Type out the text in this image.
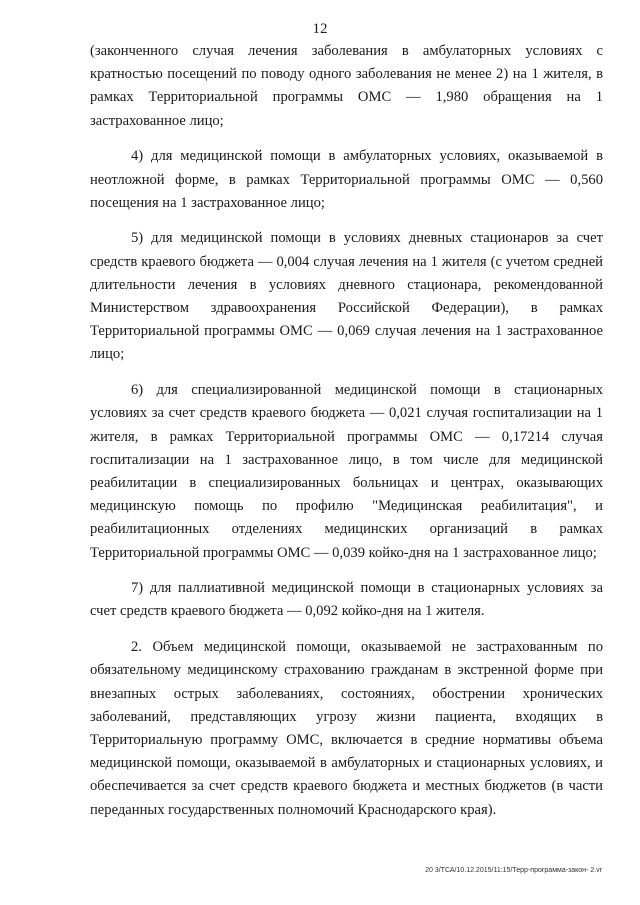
12

(законченного случая лечения заболевания в амбулаторных условиях с кратностью посещений по поводу одного заболевания не менее 2) на 1 жителя, в рамках Территориальной программы ОМС — 1,980 обращения на 1 застрахованное лицо;

4) для медицинской помощи в амбулаторных условиях, оказываемой в неотложной форме, в рамках Территориальной программы ОМС — 0,560 посещения на 1 застрахованное лицо;

5) для медицинской помощи в условиях дневных стационаров за счет средств краевого бюджета — 0,004 случая лечения на 1 жителя (с учетом средней длительности лечения в условиях дневного стационара, рекомендованной Министерством здравоохранения Российской Федерации), в рамках Территориальной программы ОМС — 0,069 случая лечения на 1 застрахованное лицо;

6) для специализированной медицинской помощи в стационарных условиях за счет средств краевого бюджета — 0,021 случая госпитализации на 1 жителя, в рамках Территориальной программы ОМС — 0,17214 случая госпитализации на 1 застрахованное лицо, в том числе для медицинской реабилитации в специализированных больницах и центрах, оказывающих медицинскую помощь по профилю "Медицинская реабилитация", и реабилитационных отделениях медицинских организаций в рамках Территориальной программы ОМС — 0,039 койко-дня на 1 застрахованное лицо;

7) для паллиативной медицинской помощи в стационарных условиях за счет средств краевого бюджета — 0,092 койко-дня на 1 жителя.

2. Объем медицинской помощи, оказываемой не застрахованным по обязательному медицинскому страхованию гражданам в экстренной форме при внезапных острых заболеваниях, состояниях, обострении хронических заболеваний, представляющих угрозу жизни пациента, входящих в Территориальную программу ОМС, включается в средние нормативы объема медицинской помощи, оказываемой в амбулаторных и стационарных условиях, и обеспечивается за счет средств краевого бюджета и местных бюджетов (в части переданных государственных полномочий Краснодарского края).

20 3/ТСА/10.12.2015/11:15/Терр-программа-закон- 2.vr
